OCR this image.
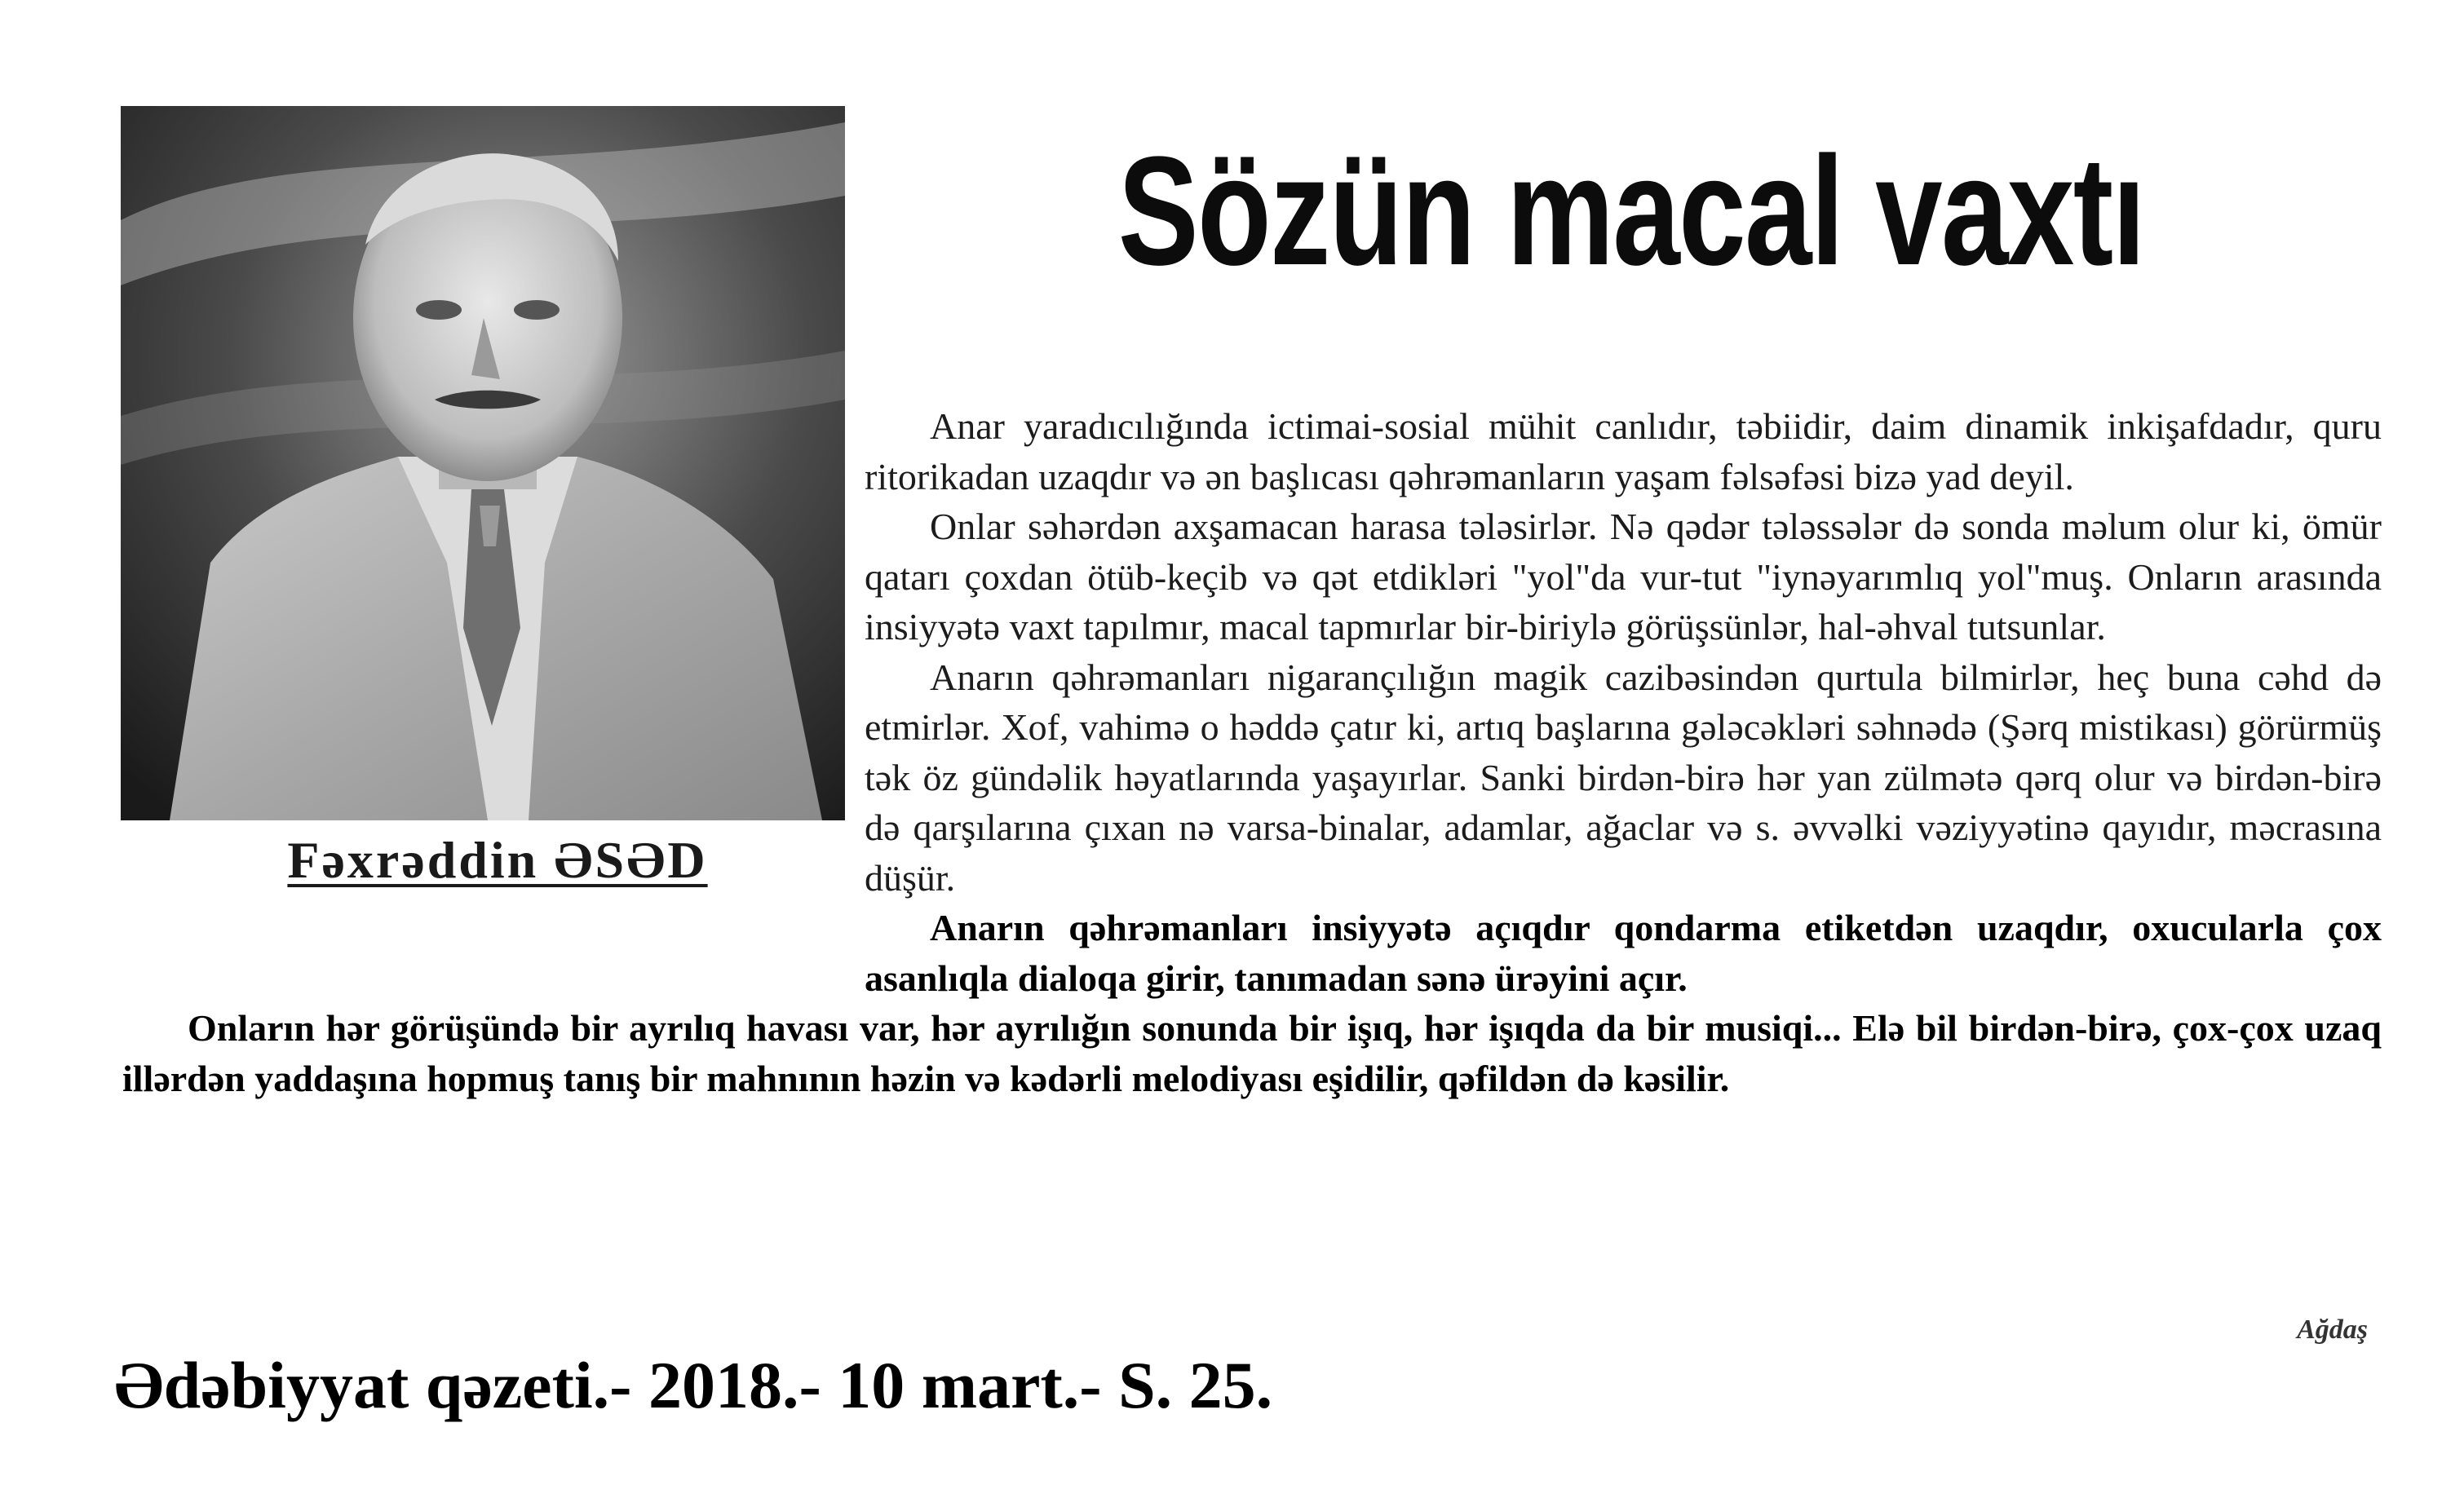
Fəxrəddin ƏSƏD
Sözün macal vaxtı

Anar yaradıcılığında ictimai-sosial mühit canlıdır, təbiidir, daim dinamik inkişafdadır, quru ritorikadan uzaqdır və ən başlıcası qəhrəmanların yaşam fəlsəfəsi bizə yad deyil.

Onlar səhərdən axşamacan harasa tələsirlər. Nə qədər tələssələr də sonda məlum olur ki, ömür qatarı çoxdan ötüb-keçib və qət etdikləri "yol"da vur-tut "iynəyarımlıq yol"muş. Onların arasında insiyyətə vaxt tapılmır, macal tapmırlar bir-biriylə görüşsünlər, hal-əhval tutsunlar.

Anarın qəhrəmanları nigarançılığın magik cazibəsindən qurtula bilmirlər, heç buna cəhd də etmirlər. Xof, vahimə o həddə çatır ki, artıq başlarına gələcəkləri səhnədə (Şərq mistikası) görürmüş tək öz gündəlik həyatlarında yaşayırlar. Sanki birdən-birə hər yan zülmətə qərq olur və birdən-birə də qarşılarına çıxan nə varsa-binalar, adamlar, ağaclar və s. əvvəlki vəziyyətinə qayıdır, məcrasına düşür.

Anarın qəhrəmanları insiyyətə açıqdır qondarma etiketdən uzaqdır, oxucularla çox asanlıqla dialoqa girir, tanımadan sənə ürəyini açır.

Onların hər görüşündə bir ayrılıq havası var, hər ayrılığın sonunda bir işıq, hər işıqda da bir musiqi... Elə bil birdən-birə, çox-çox uzaq illərdən yaddaşına hopmuş tanış bir mahnının həzin və kədərli melodiyası eşidilir, qəfildən də kəsilir.

Ağdaş
Ədəbiyyat qəzeti.- 2018.- 10 mart.- S. 25.
